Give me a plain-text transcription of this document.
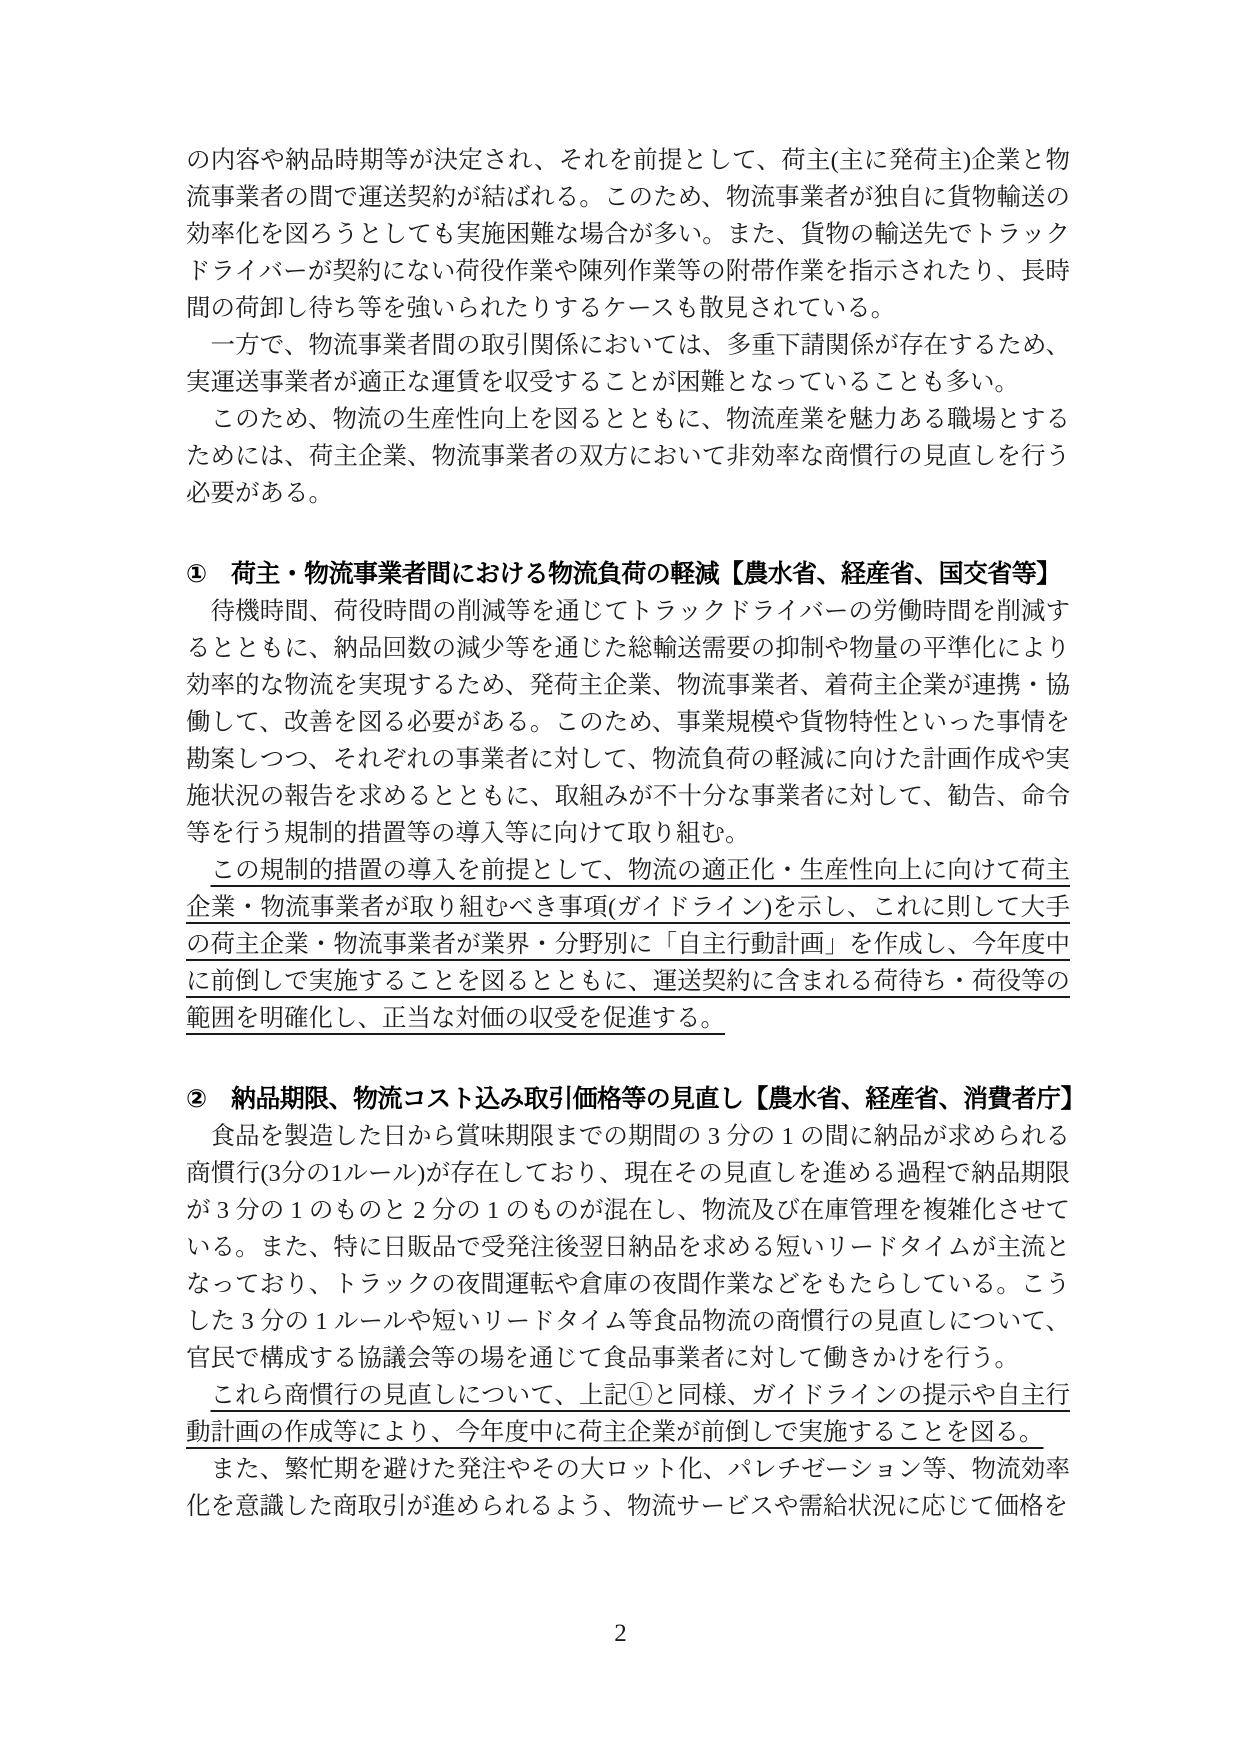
の内容や納品時期等が決定され、それを前提として、荷主(主に発荷主)企業と物流事業者の間で運送契約が結ばれる。このため、物流事業者が独自に貨物輸送の効率化を図ろうとしても実施困難な場合が多い。また、貨物の輸送先でトラックドライバーが契約にない荷役作業や陳列作業等の附帯作業を指示されたり、長時間の荷卸し待ち等を強いられたりするケースも散見されている。

一方で、物流事業者間の取引関係においては、多重下請関係が存在するため、実運送事業者が適正な運賃を収受することが困難となっていることも多い。

このため、物流の生産性向上を図るとともに、物流産業を魅力ある職場とするためには、荷主企業、物流事業者の双方において非効率な商慣行の見直しを行う必要がある。

①　荷主・物流事業者間における物流負荷の軽減【農水省、経産省、国交省等】

待機時間、荷役時間の削減等を通じてトラックドライバーの労働時間を削減するとともに、納品回数の減少等を通じた総輸送需要の抑制や物量の平準化により効率的な物流を実現するため、発荷主企業、物流事業者、着荷主企業が連携・協働して、改善を図る必要がある。このため、事業規模や貨物特性といった事情を勘案しつつ、それぞれの事業者に対して、物流負荷の軽減に向けた計画作成や実施状況の報告を求めるとともに、取組みが不十分な事業者に対して、勧告、命令等を行う規制的措置等の導入等に向けて取り組む。

この規制的措置の導入を前提として、物流の適正化・生産性向上に向けて荷主企業・物流事業者が取り組むべき事項(ガイドライン)を示し、これに則して大手の荷主企業・物流事業者が業界・分野別に「自主行動計画」を作成し、今年度中に前倒しで実施することを図るとともに、運送契約に含まれる荷待ち・荷役等の範囲を明確化し、正当な対価の収受を促進する。

②　納品期限、物流コスト込み取引価格等の見直し【農水省、経産省、消費者庁】

食品を製造した日から賞味期限までの期間の 3 分の 1 の間に納品が求められる商慣行(3分の1ルール)が存在しており、現在その見直しを進める過程で納品期限が 3 分の 1 のものと 2 分の 1 のものが混在し、物流及び在庫管理を複雑化させている。また、特に日販品で受発注後翌日納品を求める短いリードタイムが主流となっており、トラックの夜間運転や倉庫の夜間作業などをもたらしている。こうした 3 分の 1 ルールや短いリードタイム等食品物流の商慣行の見直しについて、官民で構成する協議会等の場を通じて食品事業者に対して働きかけを行う。

これら商慣行の見直しについて、上記①と同様、ガイドラインの提示や自主行動計画の作成等により、今年度中に荷主企業が前倒しで実施することを図る。

また、繁忙期を避けた発注やその大ロット化、パレチゼーション等、物流効率化を意識した商取引が進められるよう、物流サービスや需給状況に応じて価格を

2
